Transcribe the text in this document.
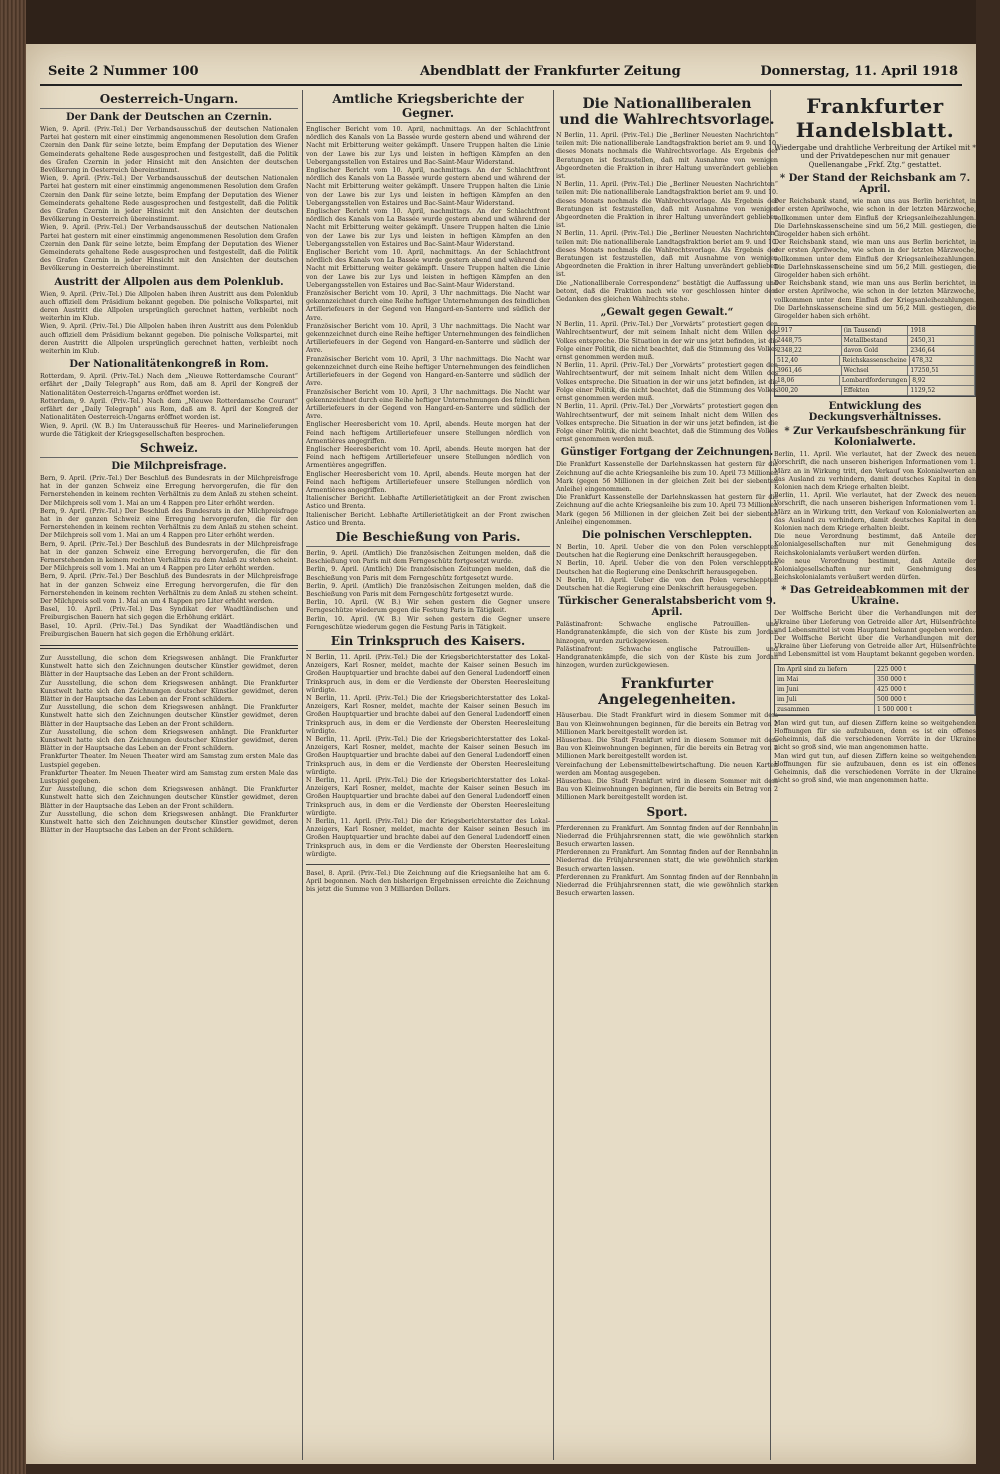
Seite 2 Nummer 100	Abendblatt der Frankfurter Zeitung	Donnerstag, 11. April 1918
Oesterreich-Ungarn.
Der Dank der Deutschen an Czernin.
Wien, 9. April. (Priv.-Tel.) Der Verbandsausschuß der deutschen Nationalen Partei hat gestern mit einer einstimmig angenommenen Resolution dem Grafen Czernin den Dank für seine letzte, beim Empfang der Deputation des Wiener Gemeinderats gehaltene Rede ausgesprochen und festgestellt, daß die Politik des Grafen Czernin in jeder Hinsicht mit den Ansichten der deutschen Bevölkerung in Oesterreich übereinstimmt.
Wien, 9. April. (Priv.-Tel.) Der Verbandsausschuß der deutschen Nationalen Partei hat gestern mit einer einstimmig angenommenen Resolution dem Grafen Czernin den Dank für seine letzte, beim Empfang der Deputation des Wiener Gemeinderats gehaltene Rede ausgesprochen und festgestellt, daß die Politik des Grafen Czernin in jeder Hinsicht mit den Ansichten der deutschen Bevölkerung in Oesterreich übereinstimmt.
Wien, 9. April. (Priv.-Tel.) Der Verbandsausschuß der deutschen Nationalen Partei hat gestern mit einer einstimmig angenommenen Resolution dem Grafen Czernin den Dank für seine letzte, beim Empfang der Deputation des Wiener Gemeinderats gehaltene Rede ausgesprochen und festgestellt, daß die Politik des Grafen Czernin in jeder Hinsicht mit den Ansichten der deutschen Bevölkerung in Oesterreich übereinstimmt.
Austritt der Allpolen aus dem Polenklub.
Wien, 9. April. (Priv.-Tel.) Die Allpolen haben ihren Austritt aus dem Polenklub auch offiziell dem Präsidium bekannt gegeben. Die polnische Volkspartei, mit deren Austritt die Allpolen ursprünglich gerechnet hatten, verbleibt noch weiterhin im Klub.
Wien, 9. April. (Priv.-Tel.) Die Allpolen haben ihren Austritt aus dem Polenklub auch offiziell dem Präsidium bekannt gegeben. Die polnische Volkspartei, mit deren Austritt die Allpolen ursprünglich gerechnet hatten, verbleibt noch weiterhin im Klub.
Der Nationalitätenkongreß in Rom.
Rotterdam, 9. April. (Priv.-Tel.) Nach dem „Nieuwe Rotterdamsche Courant“ erfährt der „Daily Telegraph“ aus Rom, daß am 8. April der Kongreß der Nationalitäten Oesterreich-Ungarns eröffnet worden ist.
Rotterdam, 9. April. (Priv.-Tel.) Nach dem „Nieuwe Rotterdamsche Courant“ erfährt der „Daily Telegraph“ aus Rom, daß am 8. April der Kongreß der Nationalitäten Oesterreich-Ungarns eröffnet worden ist.
Wien, 9. April. (W. B.) Im Unterausschuß für Heeres- und Marinelieferungen wurde die Tätigkeit der Kriegsgesellschaften besprochen.
Schweiz.
Die Milchpreisfrage.
Bern, 9. April. (Priv.-Tel.) Der Beschluß des Bundesrats in der Milchpreisfrage hat in der ganzen Schweiz eine Erregung hervorgerufen, die für den Fernerstehenden in keinem rechten Verhältnis zu dem Anlaß zu stehen scheint. Der Milchpreis soll vom 1. Mai an um 4 Rappen pro Liter erhöht werden.
Bern, 9. April. (Priv.-Tel.) Der Beschluß des Bundesrats in der Milchpreisfrage hat in der ganzen Schweiz eine Erregung hervorgerufen, die für den Fernerstehenden in keinem rechten Verhältnis zu dem Anlaß zu stehen scheint. Der Milchpreis soll vom 1. Mai an um 4 Rappen pro Liter erhöht werden.
Bern, 9. April. (Priv.-Tel.) Der Beschluß des Bundesrats in der Milchpreisfrage hat in der ganzen Schweiz eine Erregung hervorgerufen, die für den Fernerstehenden in keinem rechten Verhältnis zu dem Anlaß zu stehen scheint. Der Milchpreis soll vom 1. Mai an um 4 Rappen pro Liter erhöht werden.
Bern, 9. April. (Priv.-Tel.) Der Beschluß des Bundesrats in der Milchpreisfrage hat in der ganzen Schweiz eine Erregung hervorgerufen, die für den Fernerstehenden in keinem rechten Verhältnis zu dem Anlaß zu stehen scheint. Der Milchpreis soll vom 1. Mai an um 4 Rappen pro Liter erhöht werden.
Basel, 10. April. (Priv.-Tel.) Das Syndikat der Waadtländischen und Freiburgischen Bauern hat sich gegen die Erhöhung erklärt.
Basel, 10. April. (Priv.-Tel.) Das Syndikat der Waadtländischen und Freiburgischen Bauern hat sich gegen die Erhöhung erklärt.
Zur Ausstellung, die schon dem Kriegswesen anhängt. Die Frankfurter Kunstwelt hatte sich den Zeichnungen deutscher Künstler gewidmet, deren Blätter in der Hauptsache das Leben an der Front schildern.
Zur Ausstellung, die schon dem Kriegswesen anhängt. Die Frankfurter Kunstwelt hatte sich den Zeichnungen deutscher Künstler gewidmet, deren Blätter in der Hauptsache das Leben an der Front schildern.
Zur Ausstellung, die schon dem Kriegswesen anhängt. Die Frankfurter Kunstwelt hatte sich den Zeichnungen deutscher Künstler gewidmet, deren Blätter in der Hauptsache das Leben an der Front schildern.
Zur Ausstellung, die schon dem Kriegswesen anhängt. Die Frankfurter Kunstwelt hatte sich den Zeichnungen deutscher Künstler gewidmet, deren Blätter in der Hauptsache das Leben an der Front schildern.
Frankfurter Theater. Im Neuen Theater wird am Samstag zum ersten Male das Lustspiel gegeben.
Frankfurter Theater. Im Neuen Theater wird am Samstag zum ersten Male das Lustspiel gegeben.
Zur Ausstellung, die schon dem Kriegswesen anhängt. Die Frankfurter Kunstwelt hatte sich den Zeichnungen deutscher Künstler gewidmet, deren Blätter in der Hauptsache das Leben an der Front schildern.
Zur Ausstellung, die schon dem Kriegswesen anhängt. Die Frankfurter Kunstwelt hatte sich den Zeichnungen deutscher Künstler gewidmet, deren Blätter in der Hauptsache das Leben an der Front schildern.
Amtliche Kriegsberichte der Gegner.
Englischer Bericht vom 10. April, nachmittags. An der Schlachtfront nördlich des Kanals von La Bassée wurde gestern abend und während der Nacht mit Erbitterung weiter gekämpft. Unsere Truppen halten die Linie von der Lawe bis zur Lys und leisten in heftigen Kämpfen an den Uebergangsstellen von Estaires und Bac-Saint-Maur Widerstand.
Englischer Bericht vom 10. April, nachmittags. An der Schlachtfront nördlich des Kanals von La Bassée wurde gestern abend und während der Nacht mit Erbitterung weiter gekämpft. Unsere Truppen halten die Linie von der Lawe bis zur Lys und leisten in heftigen Kämpfen an den Uebergangsstellen von Estaires und Bac-Saint-Maur Widerstand.
Englischer Bericht vom 10. April, nachmittags. An der Schlachtfront nördlich des Kanals von La Bassée wurde gestern abend und während der Nacht mit Erbitterung weiter gekämpft. Unsere Truppen halten die Linie von der Lawe bis zur Lys und leisten in heftigen Kämpfen an den Uebergangsstellen von Estaires und Bac-Saint-Maur Widerstand.
Englischer Bericht vom 10. April, nachmittags. An der Schlachtfront nördlich des Kanals von La Bassée wurde gestern abend und während der Nacht mit Erbitterung weiter gekämpft. Unsere Truppen halten die Linie von der Lawe bis zur Lys und leisten in heftigen Kämpfen an den Uebergangsstellen von Estaires und Bac-Saint-Maur Widerstand.
Französischer Bericht vom 10. April, 3 Uhr nachmittags. Die Nacht war gekennzeichnet durch eine Reihe heftiger Unternehmungen des feindlichen Artilleriefeuers in der Gegend von Hangard-en-Santerre und südlich der Avre.
Französischer Bericht vom 10. April, 3 Uhr nachmittags. Die Nacht war gekennzeichnet durch eine Reihe heftiger Unternehmungen des feindlichen Artilleriefeuers in der Gegend von Hangard-en-Santerre und südlich der Avre.
Französischer Bericht vom 10. April, 3 Uhr nachmittags. Die Nacht war gekennzeichnet durch eine Reihe heftiger Unternehmungen des feindlichen Artilleriefeuers in der Gegend von Hangard-en-Santerre und südlich der Avre.
Französischer Bericht vom 10. April, 3 Uhr nachmittags. Die Nacht war gekennzeichnet durch eine Reihe heftiger Unternehmungen des feindlichen Artilleriefeuers in der Gegend von Hangard-en-Santerre und südlich der Avre.
Englischer Heeresbericht vom 10. April, abends. Heute morgen hat der Feind nach heftigem Artilleriefeuer unsere Stellungen nördlich von Armentières angegriffen.
Englischer Heeresbericht vom 10. April, abends. Heute morgen hat der Feind nach heftigem Artilleriefeuer unsere Stellungen nördlich von Armentières angegriffen.
Englischer Heeresbericht vom 10. April, abends. Heute morgen hat der Feind nach heftigem Artilleriefeuer unsere Stellungen nördlich von Armentières angegriffen.
Italienischer Bericht. Lebhafte Artillerietätigkeit an der Front zwischen Astico und Brenta.
Italienischer Bericht. Lebhafte Artillerietätigkeit an der Front zwischen Astico und Brenta.
Die Beschießung von Paris.
Berlin, 9. April. (Amtlich) Die französischen Zeitungen melden, daß die Beschießung von Paris mit dem Ferngeschütz fortgesetzt wurde.
Berlin, 9. April. (Amtlich) Die französischen Zeitungen melden, daß die Beschießung von Paris mit dem Ferngeschütz fortgesetzt wurde.
Berlin, 9. April. (Amtlich) Die französischen Zeitungen melden, daß die Beschießung von Paris mit dem Ferngeschütz fortgesetzt wurde.
Berlin, 10. April. (W. B.) Wir sehen gestern die Gegner unsere Ferngeschütze wiederum gegen die Festung Paris in Tätigkeit.
Berlin, 10. April. (W. B.) Wir sehen gestern die Gegner unsere Ferngeschütze wiederum gegen die Festung Paris in Tätigkeit.
Ein Trinkspruch des Kaisers.
N Berlin, 11. April. (Priv.-Tel.) Die der Kriegsberichterstatter des Lokal-Anzeigers, Karl Rosner, meldet, machte der Kaiser seinen Besuch im Großen Hauptquartier und brachte dabei auf den General Ludendorff einen Trinkspruch aus, in dem er die Verdienste der Obersten Heeresleitung würdigte.
N Berlin, 11. April. (Priv.-Tel.) Die der Kriegsberichterstatter des Lokal-Anzeigers, Karl Rosner, meldet, machte der Kaiser seinen Besuch im Großen Hauptquartier und brachte dabei auf den General Ludendorff einen Trinkspruch aus, in dem er die Verdienste der Obersten Heeresleitung würdigte.
N Berlin, 11. April. (Priv.-Tel.) Die der Kriegsberichterstatter des Lokal-Anzeigers, Karl Rosner, meldet, machte der Kaiser seinen Besuch im Großen Hauptquartier und brachte dabei auf den General Ludendorff einen Trinkspruch aus, in dem er die Verdienste der Obersten Heeresleitung würdigte.
N Berlin, 11. April. (Priv.-Tel.) Die der Kriegsberichterstatter des Lokal-Anzeigers, Karl Rosner, meldet, machte der Kaiser seinen Besuch im Großen Hauptquartier und brachte dabei auf den General Ludendorff einen Trinkspruch aus, in dem er die Verdienste der Obersten Heeresleitung würdigte.
N Berlin, 11. April. (Priv.-Tel.) Die der Kriegsberichterstatter des Lokal-Anzeigers, Karl Rosner, meldet, machte der Kaiser seinen Besuch im Großen Hauptquartier und brachte dabei auf den General Ludendorff einen Trinkspruch aus, in dem er die Verdienste der Obersten Heeresleitung würdigte.
Basel, 8. April. (Priv.-Tel.) Die Zeichnung auf die Kriegsanleihe hat am 6. April begonnen. Nach den bisherigen Ergebnissen erreichte die Zeichnung bis jetzt die Summe von 3 Milliarden Dollars.
Die Nationalliberalen
und die Wahlrechtsvorlage.
N Berlin, 11. April. (Priv.-Tel.) Die „Berliner Neuesten Nachrichten“ teilen mit: Die nationalliberale Landtagsfraktion beriet am 9. und 10. dieses Monats nochmals die Wahlrechtsvorlage. Als Ergebnis der Beratungen ist festzustellen, daß mit Ausnahme von wenigen Abgeordneten die Fraktion in ihrer Haltung unverändert geblieben ist.
N Berlin, 11. April. (Priv.-Tel.) Die „Berliner Neuesten Nachrichten“ teilen mit: Die nationalliberale Landtagsfraktion beriet am 9. und 10. dieses Monats nochmals die Wahlrechtsvorlage. Als Ergebnis der Beratungen ist festzustellen, daß mit Ausnahme von wenigen Abgeordneten die Fraktion in ihrer Haltung unverändert geblieben ist.
N Berlin, 11. April. (Priv.-Tel.) Die „Berliner Neuesten Nachrichten“ teilen mit: Die nationalliberale Landtagsfraktion beriet am 9. und 10. dieses Monats nochmals die Wahlrechtsvorlage. Als Ergebnis der Beratungen ist festzustellen, daß mit Ausnahme von wenigen Abgeordneten die Fraktion in ihrer Haltung unverändert geblieben ist.
Die „Nationalliberale Correspondenz“ bestätigt die Auffassung und betont, daß die Fraktion nach wie vor geschlossen hinter dem Gedanken des gleichen Wahlrechts stehe.
„Gewalt gegen Gewalt.“
N Berlin, 11. April. (Priv.-Tel.) Der „Vorwärts“ protestiert gegen den Wahlrechtsentwurf, der mit seinem Inhalt nicht dem Willen des Volkes entspreche. Die Situation in der wir uns jetzt befinden, ist die Folge einer Politik, die nicht beachtet, daß die Stimmung des Volkes ernst genommen werden muß.
N Berlin, 11. April. (Priv.-Tel.) Der „Vorwärts“ protestiert gegen den Wahlrechtsentwurf, der mit seinem Inhalt nicht dem Willen des Volkes entspreche. Die Situation in der wir uns jetzt befinden, ist die Folge einer Politik, die nicht beachtet, daß die Stimmung des Volkes ernst genommen werden muß.
N Berlin, 11. April. (Priv.-Tel.) Der „Vorwärts“ protestiert gegen den Wahlrechtsentwurf, der mit seinem Inhalt nicht dem Willen des Volkes entspreche. Die Situation in der wir uns jetzt befinden, ist die Folge einer Politik, die nicht beachtet, daß die Stimmung des Volkes ernst genommen werden muß.
Günstiger Fortgang der Zeichnungen.
Die Frankfurt Kassenstelle der Darlehnskassen hat gestern für die Zeichnung auf die achte Kriegsanleihe bis zum 10. April 73 Millionen Mark (gegen 56 Millionen in der gleichen Zeit bei der siebenten Anleihe) eingenommen.
Die Frankfurt Kassenstelle der Darlehnskassen hat gestern für die Zeichnung auf die achte Kriegsanleihe bis zum 10. April 73 Millionen Mark (gegen 56 Millionen in der gleichen Zeit bei der siebenten Anleihe) eingenommen.
Die polnischen Verschleppten.
N Berlin, 10. April. Ueber die von den Polen verschleppten Deutschen hat die Regierung eine Denkschrift herausgegeben.
N Berlin, 10. April. Ueber die von den Polen verschleppten Deutschen hat die Regierung eine Denkschrift herausgegeben.
N Berlin, 10. April. Ueber die von den Polen verschleppten Deutschen hat die Regierung eine Denkschrift herausgegeben.
Türkischer Generalstabsbericht vom 9. April.
Palästinafront: Schwache englische Patrouillen- und Handgranatenkämpfe, die sich von der Küste bis zum Jordan hinzogen, wurden zurückgewiesen.
Palästinafront: Schwache englische Patrouillen- und Handgranatenkämpfe, die sich von der Küste bis zum Jordan hinzogen, wurden zurückgewiesen.
Frankfurter Angelegenheiten.
Häuserbau. Die Stadt Frankfurt wird in diesem Sommer mit dem Bau von Kleinwohnungen beginnen, für die bereits ein Betrag von 2 Millionen Mark bereitgestellt worden ist.
Häuserbau. Die Stadt Frankfurt wird in diesem Sommer mit dem Bau von Kleinwohnungen beginnen, für die bereits ein Betrag von 2 Millionen Mark bereitgestellt worden ist.
Vereinfachung der Lebensmittelbewirtschaftung. Die neuen Karten werden am Montag ausgegeben.
Häuserbau. Die Stadt Frankfurt wird in diesem Sommer mit dem Bau von Kleinwohnungen beginnen, für die bereits ein Betrag von 2 Millionen Mark bereitgestellt worden ist.
Sport.
Pferderennen zu Frankfurt. Am Sonntag finden auf der Rennbahn in Niederrad die Frühjahrsrennen statt, die wie gewöhnlich starken Besuch erwarten lassen.
Pferderennen zu Frankfurt. Am Sonntag finden auf der Rennbahn in Niederrad die Frühjahrsrennen statt, die wie gewöhnlich starken Besuch erwarten lassen.
Pferderennen zu Frankfurt. Am Sonntag finden auf der Rennbahn in Niederrad die Frühjahrsrennen statt, die wie gewöhnlich starken Besuch erwarten lassen.
Frankfurter Handelsblatt.
Wiedergabe und drahtliche Verbreitung der Artikel mit * und der Privatdepeschen nur mit genauer Quellenangabe „Frkf. Ztg.“ gestattet.
* Der Stand der Reichsbank am 7. April.
Der Reichsbank stand, wie man uns aus Berlin berichtet, in der ersten Aprilwoche, wie schon in der letzten Märzwoche, vollkommen unter dem Einfluß der Kriegsanleihezahlungen. Die Darlehnskassenscheine sind um 56,2 Mill. gestiegen, die Girogelder haben sich erhöht.
Der Reichsbank stand, wie man uns aus Berlin berichtet, in der ersten Aprilwoche, wie schon in der letzten Märzwoche, vollkommen unter dem Einfluß der Kriegsanleihezahlungen. Die Darlehnskassenscheine sind um 56,2 Mill. gestiegen, die Girogelder haben sich erhöht.
Der Reichsbank stand, wie man uns aus Berlin berichtet, in der ersten Aprilwoche, wie schon in der letzten Märzwoche, vollkommen unter dem Einfluß der Kriegsanleihezahlungen. Die Darlehnskassenscheine sind um 56,2 Mill. gestiegen, die Girogelder haben sich erhöht.
1917	(in Tausend)	1918
2448,75	Metallbestand	2450,31
2348,22	davon Gold	2346,64
512,40	Reichskassenscheine 478,32
3961,46	Wechsel	17250,51
18,06	Lombardforderungen 8,92
300,20	Effekten	1129,52
Entwicklung des Deckungsverhältnisses.
* Zur Verkaufsbeschränkung für Kolonialwerte.
Berlin, 11. April. Wie verlautet, hat der Zweck des neuen Vorschrift, die nach unseren bisherigen Informationen vom 1. März an in Wirkung tritt, den Verkauf von Kolonialwerten an das Ausland zu verhindern, damit deutsches Kapital in den Kolonien nach dem Kriege erhalten bleibt.
Berlin, 11. April. Wie verlautet, hat der Zweck des neuen Vorschrift, die nach unseren bisherigen Informationen vom 1. März an in Wirkung tritt, den Verkauf von Kolonialwerten an das Ausland zu verhindern, damit deutsches Kapital in den Kolonien nach dem Kriege erhalten bleibt.
Die neue Verordnung bestimmt, daß Anteile der Kolonialgesellschaften nur mit Genehmigung des Reichskolonialamts veräußert werden dürfen.
Die neue Verordnung bestimmt, daß Anteile der Kolonialgesellschaften nur mit Genehmigung des Reichskolonialamts veräußert werden dürfen.
* Das Getreideabkommen mit der Ukraine.
Der Wolffsche Bericht über die Verhandlungen mit der Ukraine über Lieferung von Getreide aller Art, Hülsenfrüchte und Lebensmittel ist vom Hauptamt bekannt gegeben worden.
Der Wolffsche Bericht über die Verhandlungen mit der Ukraine über Lieferung von Getreide aller Art, Hülsenfrüchte und Lebensmittel ist vom Hauptamt bekannt gegeben worden.
Im April sind zu liefern	225 000 t
im Mai	350 000 t
im Juni	425 000 t
im Juli	500 000 t
zusammen	1 500 000 t
Man wird gut tun, auf diesen Ziffern keine so weitgehenden Hoffnungen für sie aufzubauen, denn es ist ein offenes Geheimnis, daß die verschiedenen Vorräte in der Ukraine nicht so groß sind, wie man angenommen hatte.
Man wird gut tun, auf diesen Ziffern keine so weitgehenden Hoffnungen für sie aufzubauen, denn es ist ein offenes Geheimnis, daß die verschiedenen Vorräte in der Ukraine nicht so groß sind, wie man angenommen hatte.
